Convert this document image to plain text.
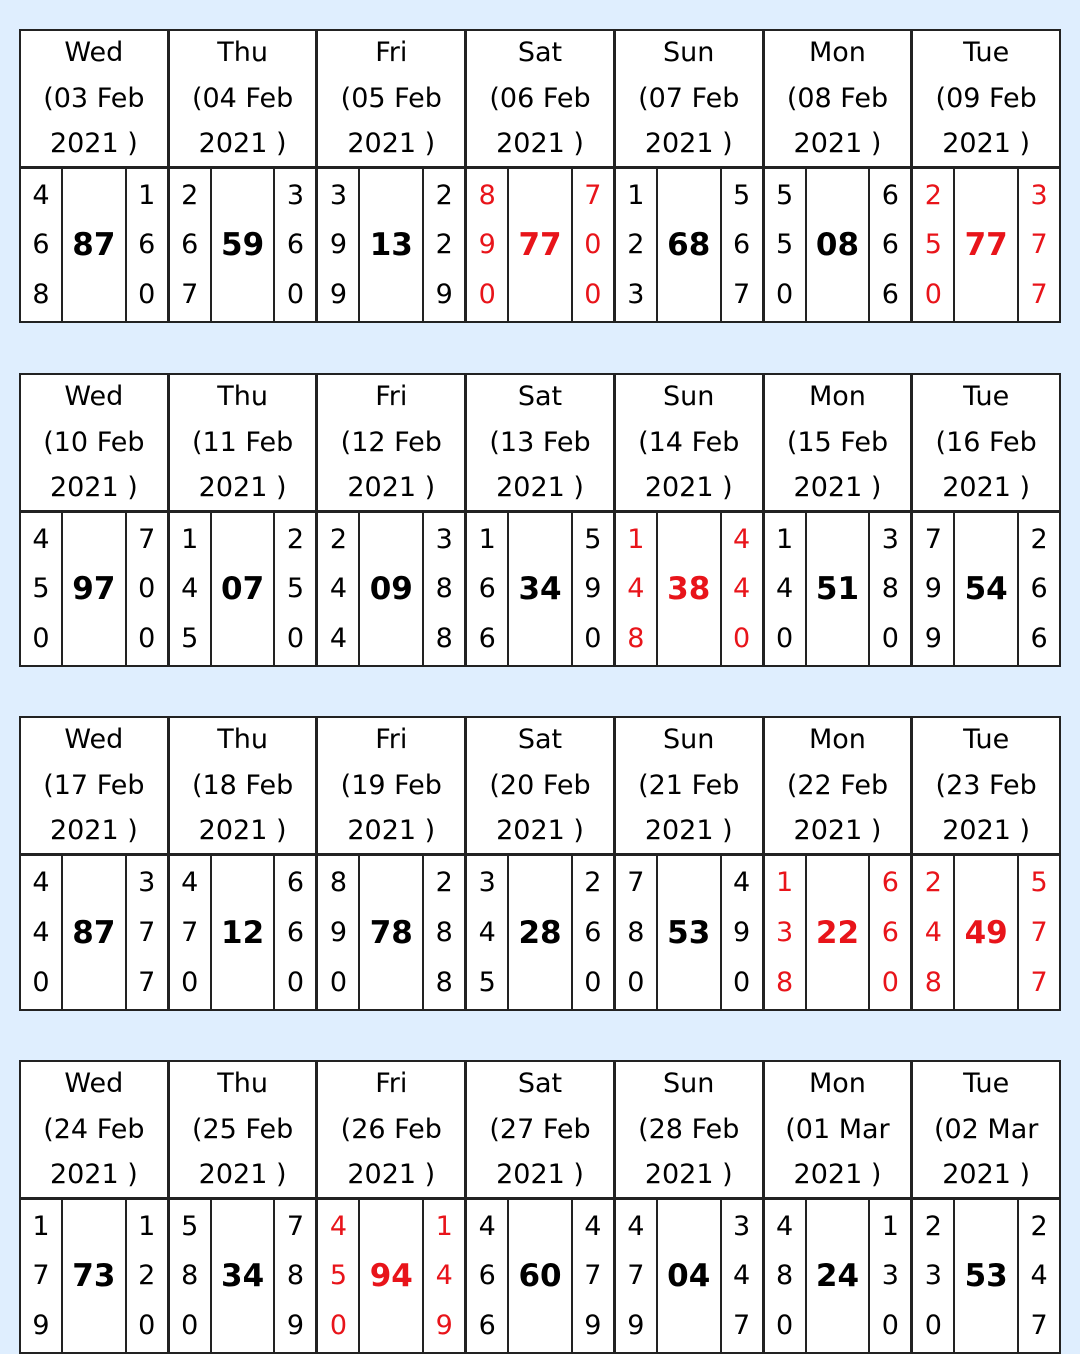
Wed
(03 Feb
2021 )
4
6
8
87
1
6
0
Thu
(04 Feb
2021 )
2
6
7
59
3
6
0
Fri
(05 Feb
2021 )
3
9
9
13
2
2
9
Sat
(06 Feb
2021 )
8
9
0
77
7
0
0
Sun
(07 Feb
2021 )
1
2
3
68
5
6
7
Mon
(08 Feb
2021 )
5
5
0
08
6
6
6
Tue
(09 Feb
2021 )
2
5
0
77
3
7
7
Wed
(10 Feb
2021 )
4
5
0
97
7
0
0
Thu
(11 Feb
2021 )
1
4
5
07
2
5
0
Fri
(12 Feb
2021 )
2
4
4
09
3
8
8
Sat
(13 Feb
2021 )
1
6
6
34
5
9
0
Sun
(14 Feb
2021 )
1
4
8
38
4
4
0
Mon
(15 Feb
2021 )
1
4
0
51
3
8
0
Tue
(16 Feb
2021 )
7
9
9
54
2
6
6
Wed
(17 Feb
2021 )
4
4
0
87
3
7
7
Thu
(18 Feb
2021 )
4
7
0
12
6
6
0
Fri
(19 Feb
2021 )
8
9
0
78
2
8
8
Sat
(20 Feb
2021 )
3
4
5
28
2
6
0
Sun
(21 Feb
2021 )
7
8
0
53
4
9
0
Mon
(22 Feb
2021 )
1
3
8
22
6
6
0
Tue
(23 Feb
2021 )
2
4
8
49
5
7
7
Wed
(24 Feb
2021 )
1
7
9
73
1
2
0
Thu
(25 Feb
2021 )
5
8
0
34
7
8
9
Fri
(26 Feb
2021 )
4
5
0
94
1
4
9
Sat
(27 Feb
2021 )
4
6
6
60
4
7
9
Sun
(28 Feb
2021 )
4
7
9
04
3
4
7
Mon
(01 Mar
2021 )
4
8
0
24
1
3
0
Tue
(02 Mar
2021 )
2
3
0
53
2
4
7
